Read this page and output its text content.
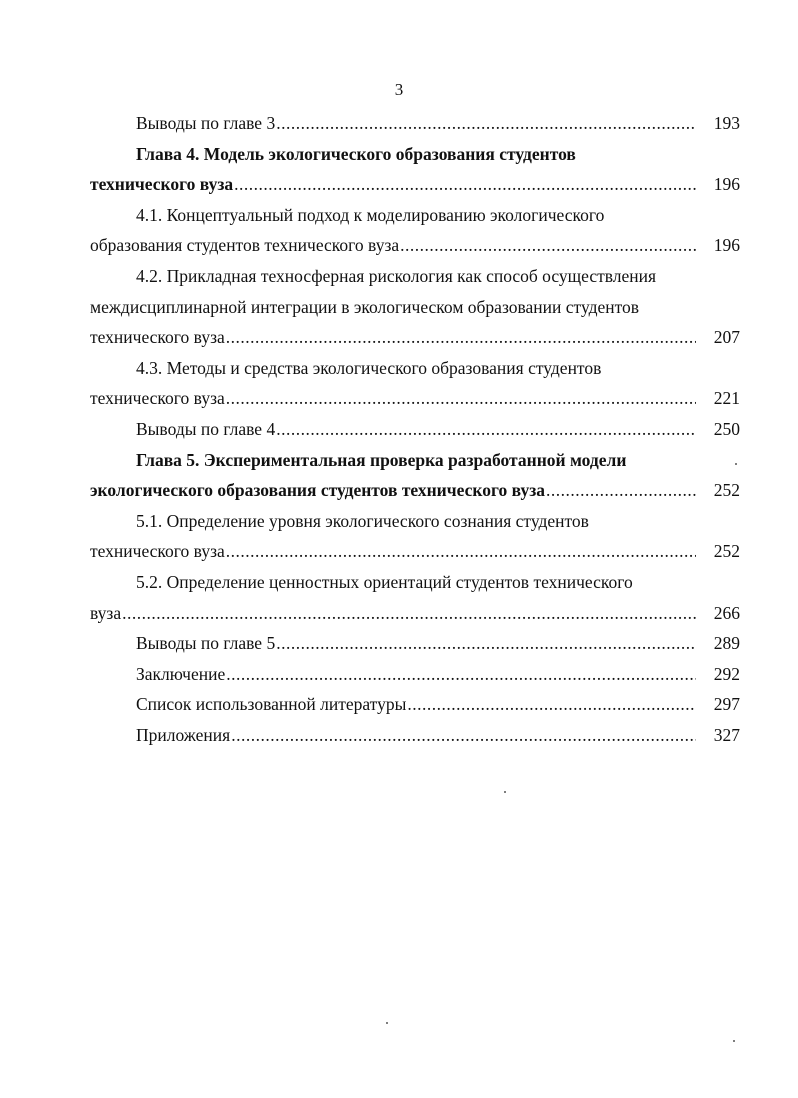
3
Выводы по главе 3 .....	193
Глава 4. Модель экологического образования студентов
технического вуза .....	196
4.1. Концептуальный подход к моделированию экологического
образования студентов технического вуза .....	196
4.2. Прикладная техносферная рискология как способ осуществления
междисциплинарной интеграции в экологическом образовании студентов
технического вуза .....	207
4.3. Методы и средства экологического образования студентов
технического вуза .....	221
Выводы по главе 4 .....	250
Глава 5. Экспериментальная проверка разработанной модели
экологического образования студентов технического вуза .....	252
5.1. Определение уровня экологического сознания студентов
технического вуза .....	252
5.2. Определение ценностных ориентаций студентов технического
вуза .....	266
Выводы по главе 5 .....	289
Заключение .....	292
Список использованной литературы .....	297
Приложения .....	327
